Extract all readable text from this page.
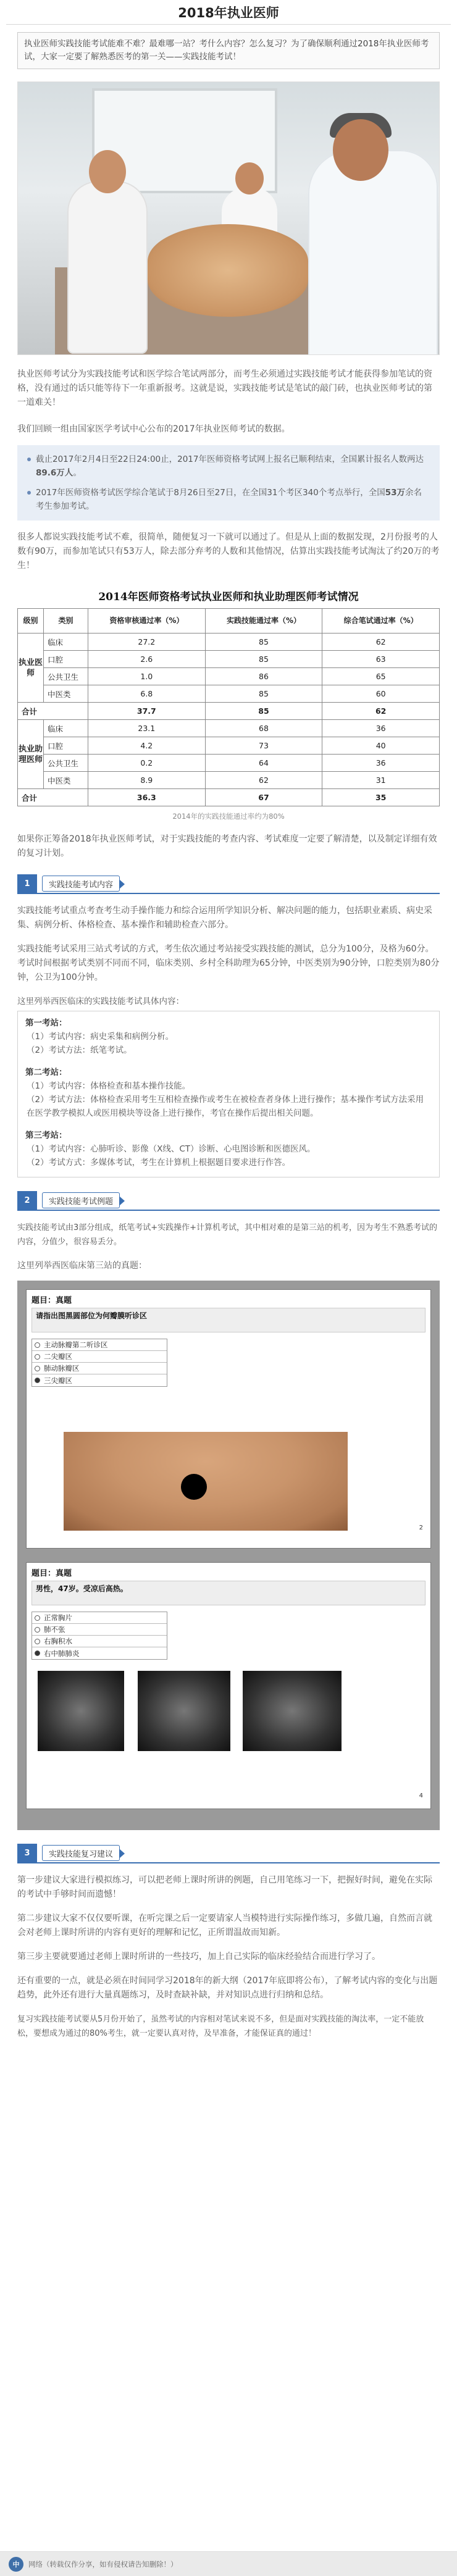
2018年执业医师
执业医师实践技能考试能难不难？最难哪一站？考什么内容？怎么复习？为了确保顺利通过2018年执业医师考试，大家一定要了解熟悉医考的第一关——实践技能考试！

执业医师考试分为实践技能考试和医学综合笔试两部分，而考生必须通过实践技能考试才能获得参加笔试的资格，没有通过的话只能等待下一年重新报考。这就是说，实践技能考试是笔试的敲门砖，也执业医师考试的第一道难关！

我们回顾一组由国家医学考试中心公布的2017年执业医师考试的数据。

截止2017年2月4日至22日24:00止，2017年医师资格考试网上报名已顺利结束，全国累计报名人数两达89.6万人。
2017年医师资格考试医学综合笔试于8月26日至27日，在全国31个考区340个考点举行，全国53万余名考生参加考试。

很多人都说实践技能考试不难，很简单，随便复习一下就可以通过了。但是从上面的数据发现，2月份报考的人数有90万，而参加笔试只有53万人，除去部分弃考的人数和其他情况，估算出实践技能考试淘汰了约20万的考生！

2014年医师资格考试执业医师和执业助理医师考试情况
级别	类别	资格审核通过率（%）	实践技能通过率（%）	综合笔试通过率（%）
执业医师	临床	27.2	85	62
	口腔	2.6	85	63
	公共卫生	1.0	86	65
	中医类	6.8	85	60
合计		37.7	85	62
执业助理医师	临床	23.1	68	36
	口腔	4.2	73	40
	公共卫生	0.2	64	36
	中医类	8.9	62	31
合计		36.3	67	35
2014年的实践技能通过率约为80%

如果你正筹备2018年执业医师考试，对于实践技能的考查内容、考试难度一定要了解清楚，以及制定详细有效的复习计划。

1	实践技能考试内容

实践技能考试重点考查考生动手操作能力和综合运用所学知识分析、解决问题的能力，包括职业素质、病史采集、病例分析、体格检查、基本操作和辅助检查六部分。

实践技能考试采用三站式考试的方式，考生依次通过考站接受实践技能的测试，总分为100分，及格为60分。考试时间根据考试类别不同而不同，临床类别、乡村全科助理为65分钟，中医类别为90分钟，口腔类别为80分钟，公卫为100分钟。

这里列举西医临床的实践技能考试具体内容：
第一考站：
（1）考试内容：病史采集和病例分析。
（2）考试方法：纸笔考试。
第二考站：
（1）考试内容：体格检查和基本操作技能。
（2）考试方法：体格检查采用考生互相检查操作或考生在被检查者身体上进行操作；基本操作考试方法采用在医学教学模拟人或医用模块等设备上进行操作，考官在操作后提出相关问题。
第三考站：
（1）考试内容：心肺听诊、影像（X线、CT）诊断、心电图诊断和医德医风。
（2）考试方式：多媒体考试，考生在计算机上根据题目要求进行作答。
2	实践技能考试例题

实践技能考试由3部分组成，纸笔考试+实践操作+计算机考试，其中相对难的是第三站的机考，因为考生不熟悉考试的内容，分值少，很容易丢分。

这里列举西医临床第三站的真题：

题目：真题
请指出图黑圆部位为何瓣膜听诊区
主动脉瓣第二听诊区
二尖瓣区
肺动脉瓣区
三尖瓣区
2
题目：真题
男性，47岁。受凉后高热。
正常胸片
肺不张
右胸积水
右中肺肺炎
4
3	实践技能复习建议

第一步建议大家进行模拟练习，可以把老师上课时所讲的例题，自己用笔练习一下，把握好时间，避免在实际的考试中手够时间而遗憾！

第二步建议大家不仅仅要听课，在听完课之后一定要请家人当模特进行实际操作练习，多做几遍，自然而言就会对老师上课时所讲的内容有更好的理解和记忆，正所谓温故而知新。

第三步主要就要通过老师上课时所讲的一些技巧，加上自己实际的临床经验结合而进行学习了。

还有重要的一点，就是必须在时间同学习2018年的新大纲（2017年底即将公布），了解考试内容的变化与出题趋势，此外还有进行大量真题练习，及时查缺补缺，并对知识点进行归纳和总结。

复习实践技能考试要从5月份开始了，虽然考试的内容相对笔试来说不多，但是面对实践技能的淘汰率，一定不能放松，要想成为通过的80%考生，就一定要认真对待，及早准备，才能保证真的通过！

中	网络（转载仅作分享，如有侵权请告知删除！）
